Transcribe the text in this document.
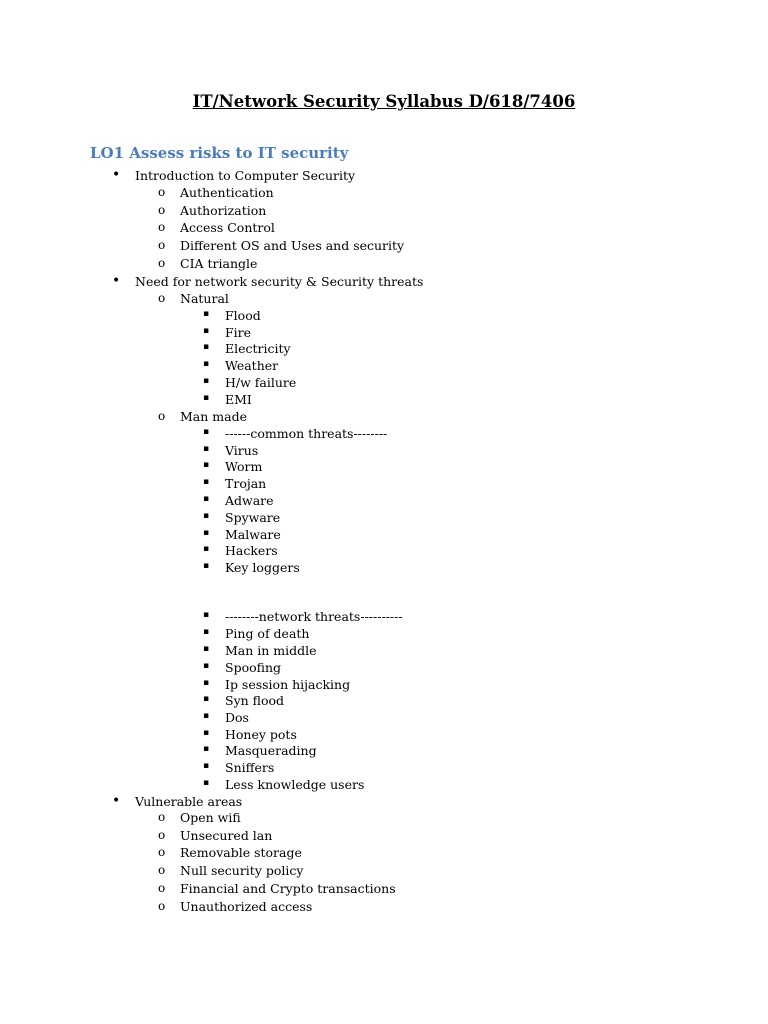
IT/Network Security Syllabus D/618/7406
LO1 Assess risks to IT security
• Introduction to Computer Security
o Authentication
o Authorization
o Access Control
o Different OS and Uses and security
o CIA triangle
• Need for network security & Security threats
o Natural
▪ Flood
▪ Fire
▪ Electricity
▪ Weather
▪ H/w failure
▪ EMI
o Man made
▪ ------common threats--------
▪ Virus
▪ Worm
▪ Trojan
▪ Adware
▪ Spyware
▪ Malware
▪ Hackers
▪ Key loggers
▪ --------network threats----------
▪ Ping of death
▪ Man in middle
▪ Spoofing
▪ Ip session hijacking
▪ Syn flood
▪ Dos
▪ Honey pots
▪ Masquerading
▪ Sniffers
▪ Less knowledge users
• Vulnerable areas
o Open wifi
o Unsecured lan
o Removable storage
o Null security policy
o Financial and Crypto transactions
o Unauthorized access
